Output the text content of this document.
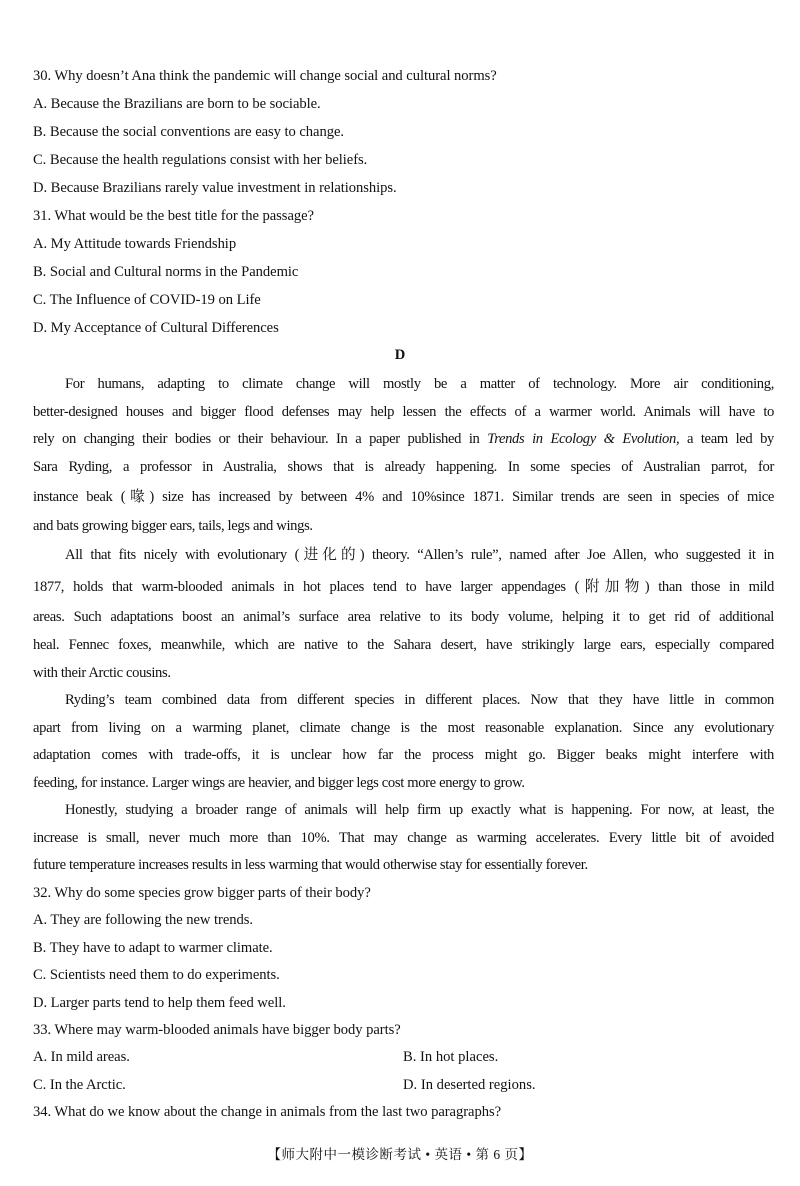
30. Why doesn’t Ana think the pandemic will change social and cultural norms?
A. Because the Brazilians are born to be sociable.
B. Because the social conventions are easy to change.
C. Because the health regulations consist with her beliefs.
D. Because Brazilians rarely value investment in relationships.
31. What would be the best title for the passage?
A. My Attitude towards Friendship
B. Social and Cultural norms in the Pandemic
C. The Influence of COVID-19 on Life
D. My Acceptance of Cultural Differences
D
For humans, adapting to climate change will mostly be a matter of technology. More air conditioning,
better-designed houses and bigger flood defenses may help lessen the effects of a warmer world. Animals will have to
rely on changing their bodies or their behaviour. In a paper published in Trends in Ecology & Evolution, a team led by
Sara Ryding, a professor in Australia, shows that is already happening. In some species of Australian parrot, for
instance beak (喙) size has increased by between 4% and 10%since 1871. Similar trends are seen in species of mice
and bats growing bigger ears, tails, legs and wings.
All that fits nicely with evolutionary (进化的) theory. “Allen’s rule”, named after Joe Allen, who suggested it in
1877, holds that warm-blooded animals in hot places tend to have larger appendages (附加物) than those in mild
areas. Such adaptations boost an animal’s surface area relative to its body volume, helping it to get rid of additional
heal. Fennec foxes, meanwhile, which are native to the Sahara desert, have strikingly large ears, especially compared
with their Arctic cousins.
Ryding’s team combined data from different species in different places. Now that they have little in common
apart from living on a warming planet, climate change is the most reasonable explanation. Since any evolutionary
adaptation comes with trade-offs, it is unclear how far the process might go. Bigger beaks might interfere with
feeding, for instance. Larger wings are heavier, and bigger legs cost more energy to grow.
Honestly, studying a broader range of animals will help firm up exactly what is happening. For now, at least, the
increase is small, never much more than 10%. That may change as warming accelerates. Every little bit of avoided
future temperature increases results in less warming that would otherwise stay for essentially forever.
32. Why do some species grow bigger parts of their body?
A. They are following the new trends.
B. They have to adapt to warmer climate.
C. Scientists need them to do experiments.
D. Larger parts tend to help them feed well.
33. Where may warm-blooded animals have bigger body parts?
A. In mild areas.	B. In hot places.
C. In the Arctic.	D. In deserted regions.
34. What do we know about the change in animals from the last two paragraphs?
【师大附中一模诊断考试 • 英语 • 第 6 页】
